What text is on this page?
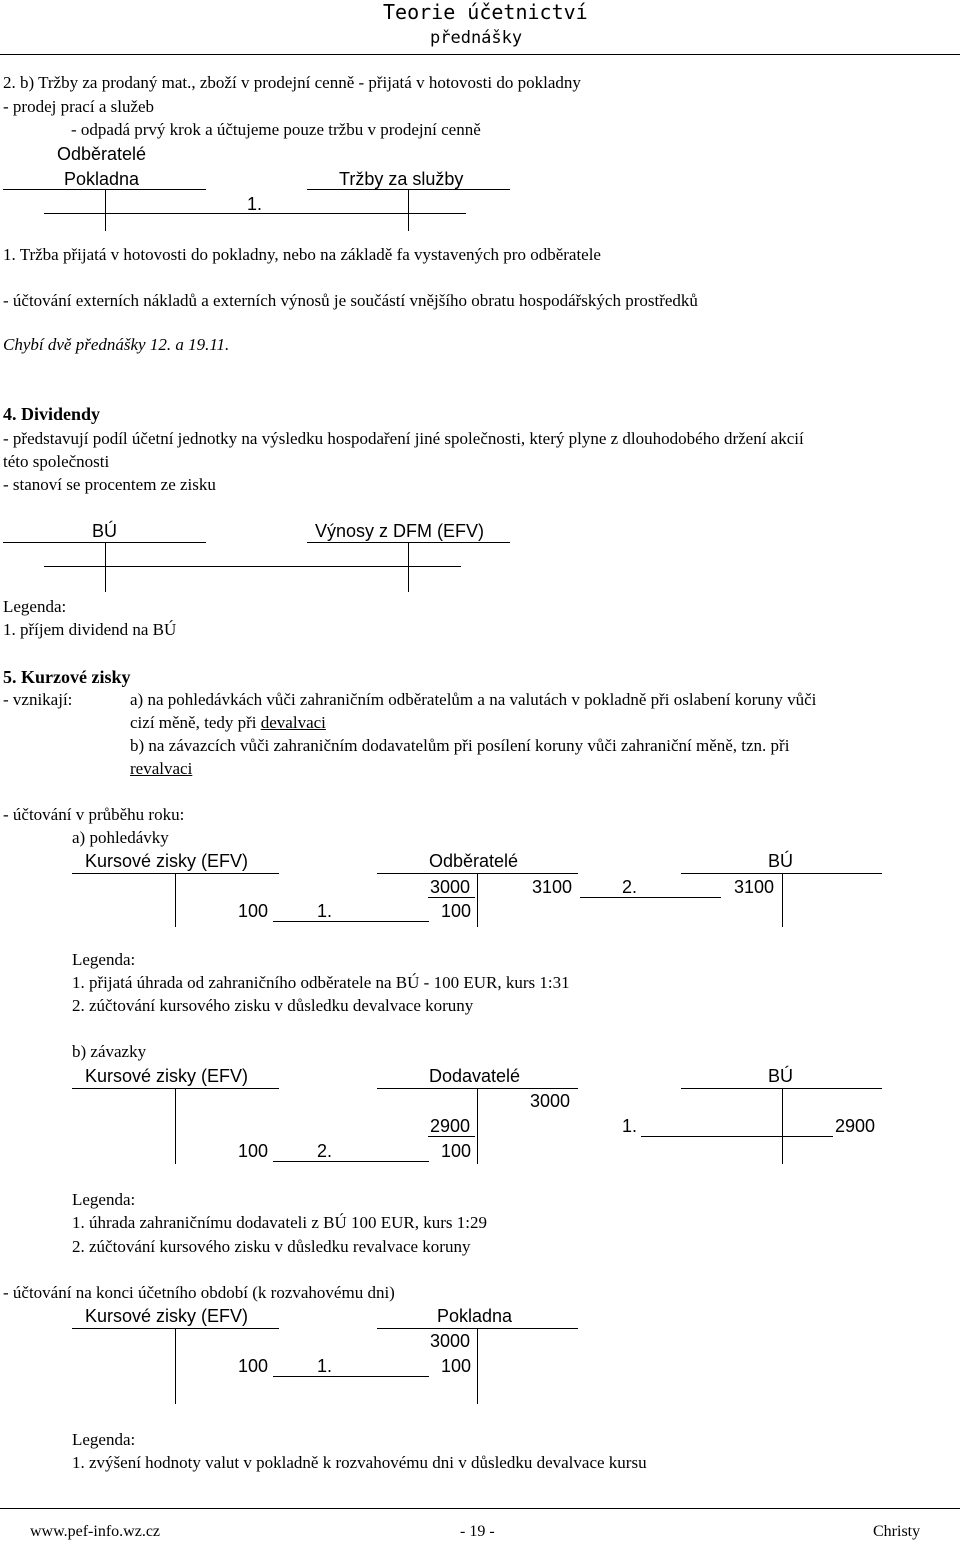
Teorie účetnictví
přednášky
2. b) Tržby za prodaný mat., zboží v prodejní cenně - přijatá v hotovosti do pokladny
- prodej prací a služeb
- odpadá prvý krok a účtujeme pouze tržbu v prodejní cenně
Odběratelé
Pokladna	Tržby za služby
1.
1. Tržba přijatá v hotovosti do pokladny, nebo na základě fa vystavených pro odběratele
- účtování externích nákladů a externích výnosů je součástí vnějšího obratu hospodářských prostředků
Chybí dvě přednášky 12. a 19.11.
4. Dividendy
- představují podíl účetní jednotky na výsledku hospodaření jiné společnosti, který plyne z dlouhodobého držení akcií
této společnosti
- stanoví se procentem ze zisku
BÚ	Výnosy z DFM (EFV)
Legenda:
1. příjem dividend na BÚ
5. Kurzové zisky
- vznikají:	a) na pohledávkách vůči zahraničním odběratelům a na valutách v pokladně při oslabení koruny vůči
cizí měně, tedy při devalvaci
b) na závazcích vůči zahraničním dodavatelům při posílení koruny vůči zahraniční měně, tzn. při
revalvaci
- účtování v průběhu roku:
a) pohledávky
Kursové zisky (EFV)	Odběratelé	BÚ
3000	3100	2.	3100
100	1.	100
Legenda:
1. přijatá úhrada od zahraničního odběratele na BÚ - 100 EUR, kurs 1:31
2. zúčtování kursového zisku v důsledku devalvace koruny
b) závazky
Kursové zisky (EFV)	Dodavatelé	BÚ
3000
2900	1.	2900
100	2.	100
Legenda:
1. úhrada zahraničnímu dodavateli z BÚ 100 EUR, kurs 1:29
2. zúčtování kursového zisku v důsledku revalvace koruny
- účtování na konci účetního období (k rozvahovému dni)
Kursové zisky (EFV)	Pokladna
3000
100	1.	100
Legenda:
1. zvýšení hodnoty valut v pokladně k rozvahovému dni v důsledku devalvace kursu
www.pef-info.wz.cz	- 19 -	Christy
